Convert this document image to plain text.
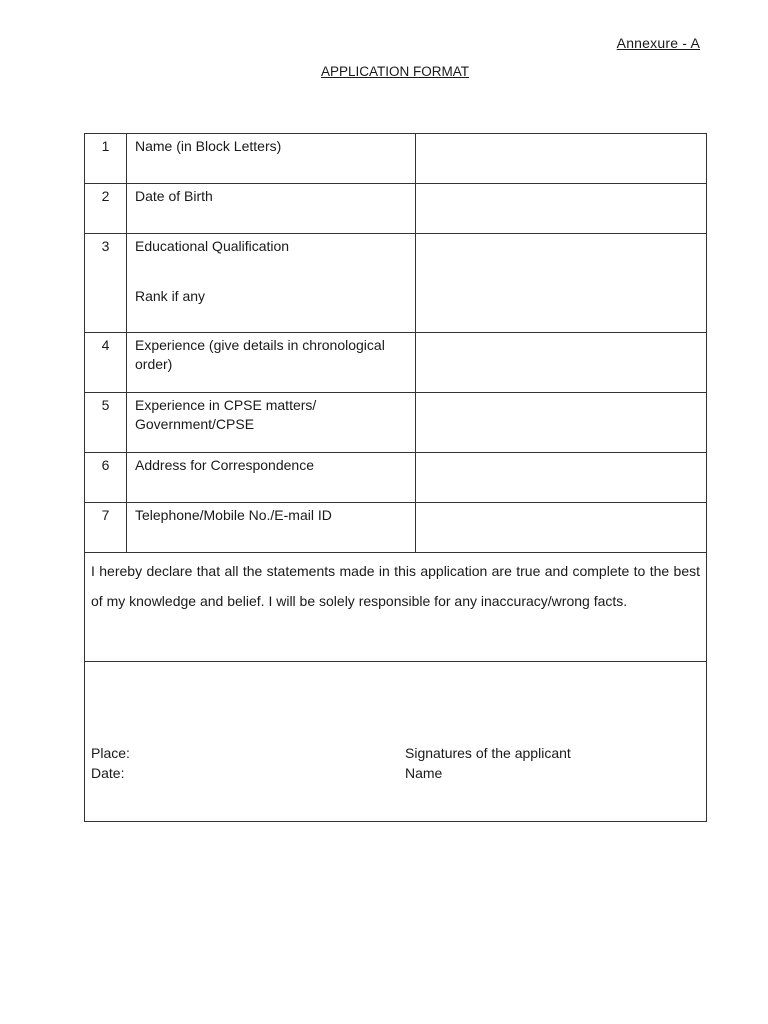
Annexure - A
APPLICATION FORMAT
1	Name (in Block Letters)	
2	Date of Birth	
3	Educational Qualification
Rank if any	

4	Experience (give details in chronological order)	
5	Experience in CPSE matters/ Government/CPSE	
6	Address for Correspondence	
7	Telephone/Mobile No./E-mail ID	
I hereby declare that all the statements made in this application are true and complete to the best of my knowledge and belief. I will be solely responsible for any inaccuracy/wrong facts.		

Place:
Date:
Signatures of the applicant
Name		
